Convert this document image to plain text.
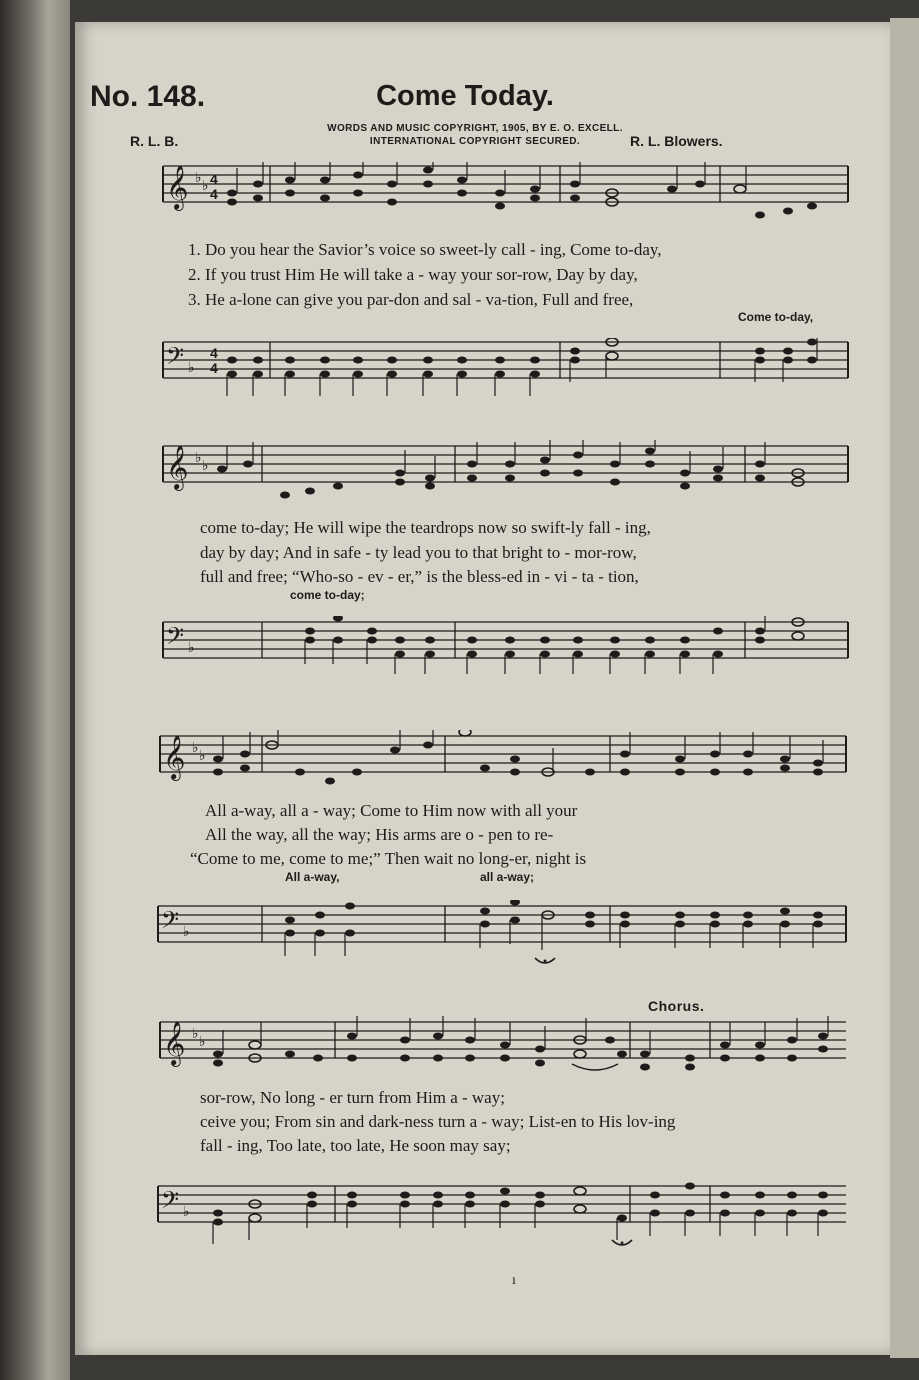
No. 148.	Come Today.
WORDS AND MUSIC COPYRIGHT, 1905, BY E. O. EXCELL.
INTERNATIONAL COPYRIGHT SECURED.
R. L. B.	R. L. Blowers.
𝄞 ♭ ♭ 4
4
1. Do you hear the Savior’s voice so sweet-ly call - ing, Come to-day,
2. If you trust Him He will take a - way your sor-row, Day by day,
3. He a-lone can give you par-don and sal - va-tion, Full and free,
Come to-day,
𝄢 ♭
4
4
𝄞 ♭ ♭
come to-day; He will wipe the teardrops now so swift-ly fall - ing,
day by day; And in safe - ty lead you to that bright to - mor-row,
full and free; “Who-so - ev - er,” is the bless-ed in - vi - ta - tion,
come to-day;
𝄢 ♭
𝄞 ♭ ♭
All a-way, all a - way; Come to Him now with all your
All the way, all the way; His arms are o - pen to re-
“Come to me, come to me;” Then wait no long-er, night is
All a-way,	all a-way;
𝄢 ♭
Chorus.
𝄞 ♭ ♭
sor-row, No long - er turn from Him a - way;
ceive you; From sin and dark-ness turn a - way; List-en to His lov-ing
fall - ing, Too late, too late, He soon may say;
𝄢 ♭
ı
